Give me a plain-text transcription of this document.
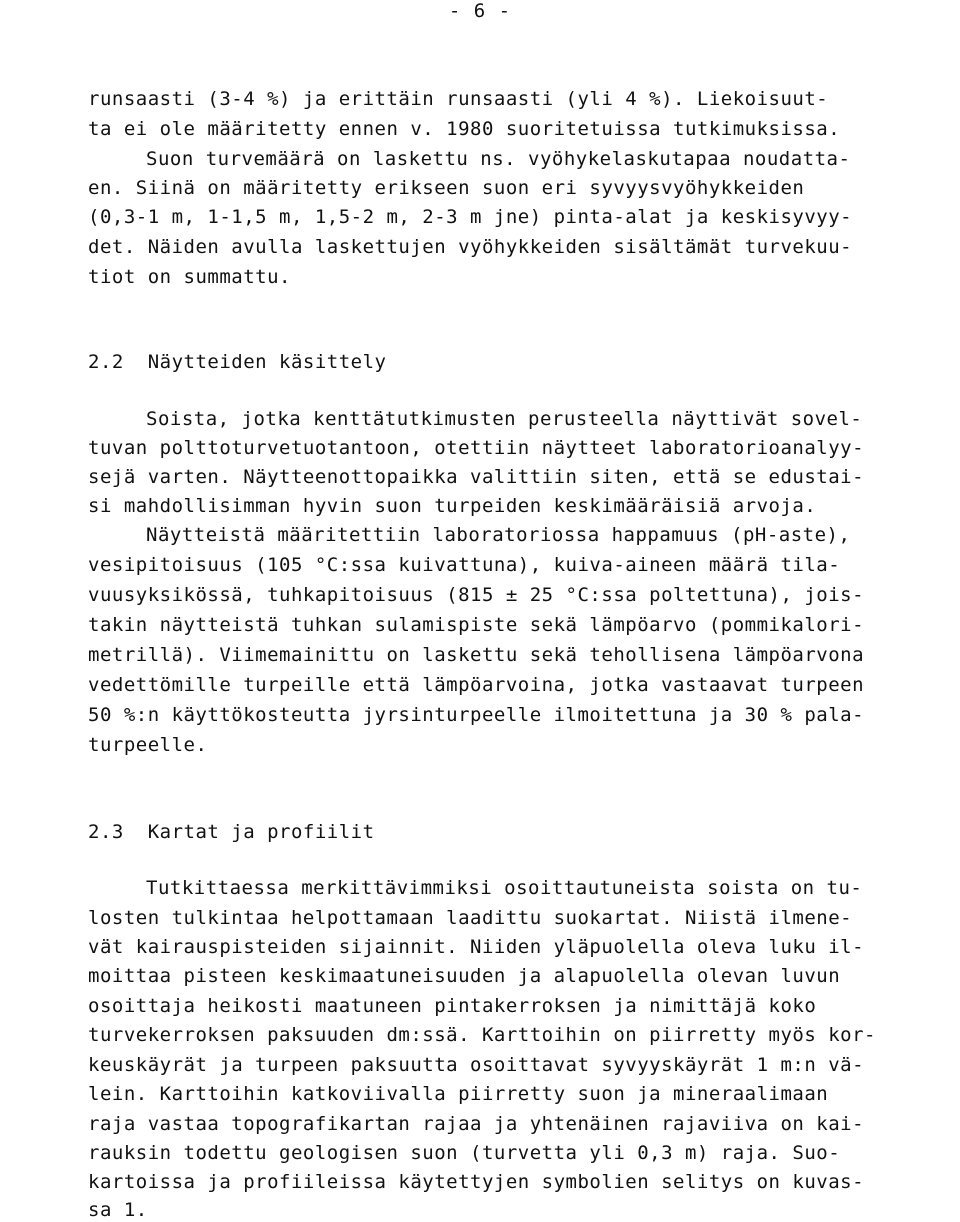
- 6 -
runsaasti (3-4 %) ja erittäin runsaasti (yli 4 %). Liekoisuut-
ta ei ole määritetty ennen v. 1980 suoritetuissa tutkimuksissa.
Suon turvemäärä on laskettu ns. vyöhykelaskutapaa noudatta-
en. Siinä on määritetty erikseen suon eri syvyysvyöhykkeiden
(0,3-1 m, 1-1,5 m, 1,5-2 m, 2-3 m jne) pinta-alat ja keskisyvyy-
det. Näiden avulla laskettujen vyöhykkeiden sisältämät turvekuu-
tiot on summattu.
2.2  Näytteiden käsittely
Soista, jotka kenttätutkimusten perusteella näyttivät sovel-
tuvan polttoturvetuotantoon, otettiin näytteet laboratorioanalyy-
sejä varten. Näytteenottopaikka valittiin siten, että se edustai-
si mahdollisimman hyvin suon turpeiden keskimääräisiä arvoja.
Näytteistä määritettiin laboratoriossa happamuus (pH-aste),
vesipitoisuus (105 °C:ssa kuivattuna), kuiva-aineen määrä tila-
vuusyksikössä, tuhkapitoisuus (815 ± 25 °C:ssa poltettuna), jois-
takin näytteistä tuhkan sulamispiste sekä lämpöarvo (pommikalori-
metrillä). Viimemainittu on laskettu sekä tehollisena lämpöarvona
vedettömille turpeille että lämpöarvoina, jotka vastaavat turpeen
50 %:n käyttökosteutta jyrsinturpeelle ilmoitettuna ja 30 % pala-
turpeelle.
2.3  Kartat ja profiilit
Tutkittaessa merkittävimmiksi osoittautuneista soista on tu-
losten tulkintaa helpottamaan laadittu suokartat. Niistä ilmene-
vät kairauspisteiden sijainnit. Niiden yläpuolella oleva luku il-
moittaa pisteen keskimaatuneisuuden ja alapuolella olevan luvun
osoittaja heikosti maatuneen pintakerroksen ja nimittäjä koko
turvekerroksen paksuuden dm:ssä. Karttoihin on piirretty myös kor-
keuskäyrät ja turpeen paksuutta osoittavat syvyyskäyrät 1 m:n vä-
lein. Karttoihin katkoviivalla piirretty suon ja mineraalimaan
raja vastaa topografikartan rajaa ja yhtenäinen rajaviiva on kai-
rauksin todettu geologisen suon (turvetta yli 0,3 m) raja. Suo-
kartoissa ja profiileissa käytettyjen symbolien selitys on kuvas-
sa 1.
